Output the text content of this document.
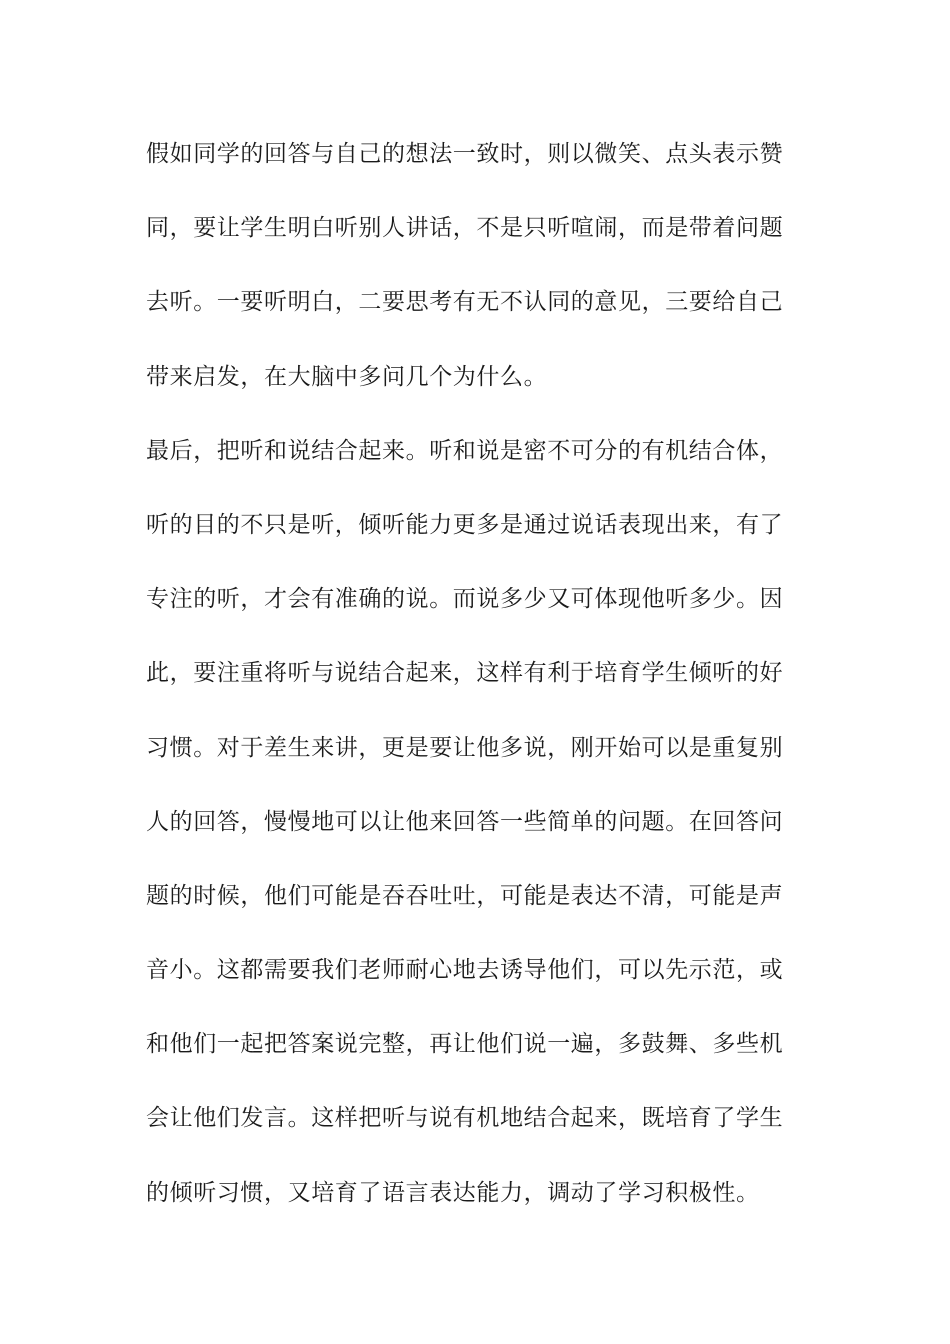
假如同学的回答与自己的想法一致时，则以微笑、点头表示赞
同，要让学生明白听别人讲话，不是只听喧闹，而是带着问题
去听。一要听明白，二要思考有无不认同的意见，三要给自己
带来启发，在大脑中多问几个为什么。
最后，把听和说结合起来。听和说是密不可分的有机结合体，
听的目的不只是听，倾听能力更多是通过说话表现出来，有了
专注的听，才会有准确的说。而说多少又可体现他听多少。因
此，要注重将听与说结合起来，这样有利于培育学生倾听的好
习惯。对于差生来讲，更是要让他多说，刚开始可以是重复别
人的回答，慢慢地可以让他来回答一些简单的问题。在回答问
题的时候，他们可能是吞吞吐吐，可能是表达不清，可能是声
音小。这都需要我们老师耐心地去诱导他们，可以先示范，或
和他们一起把答案说完整，再让他们说一遍，多鼓舞、多些机
会让他们发言。这样把听与说有机地结合起来，既培育了学生
的倾听习惯，又培育了语言表达能力，调动了学习积极性。
